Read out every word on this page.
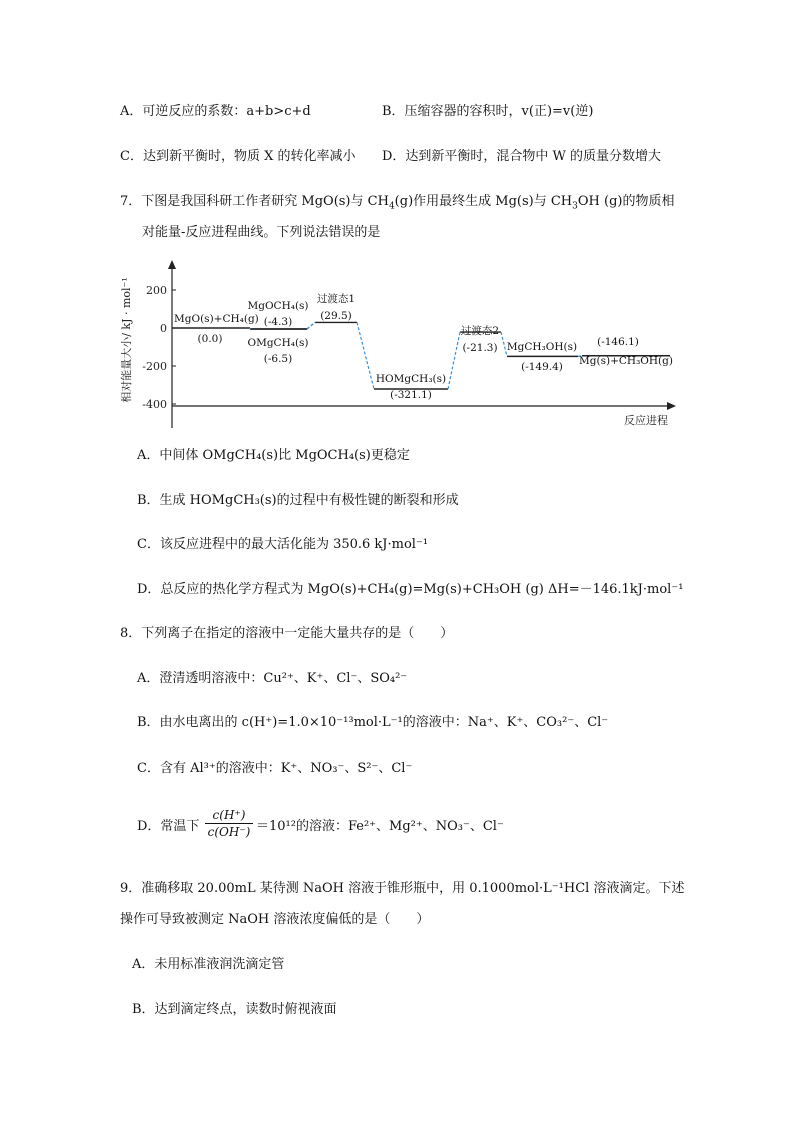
A．可逆反应的系数：a+b>c+d	B．压缩容器的容积时，v(正)=v(逆)
C．达到新平衡时，物质 X 的转化率减小 D．达到新平衡时，混合物中 W 的质量分数增大
7．下图是我国科研工作者研究 MgO(s)与 $CH_4(g)$作用最终生成 Mg(s)与 $CH_3OH$ (g)的物质相
对能量-反应进程曲线。下列说法错误的是
200
0
-200
-400
MgO(s)+CH₄(g)
(0.0)
MgOCH₄(s)
(-4.3)
OMgCH₄(s)
(-6.5)
过渡态1
(29.5)
HOMgCH₃(s)
(-321.1)
过渡态2
(-21.3) MgCH₃OH(s)
(-149.4) Mg(s)+CH₃OH(g)
(-146.1)
相对能量大小/ kJ · mol⁻¹
反应进程
A．中间体 OMgCH₄(s)比 MgOCH₄(s)更稳定
B．生成 HOMgCH₃(s)的过程中有极性键的断裂和形成
C．该反应进程中的最大活化能为 350.6 kJ·mol⁻¹
D．总反应的热化学方程式为 MgO(s)+CH₄(g)=Mg(s)+CH₃OH (g) ΔH=－146.1kJ·mol⁻¹
8．下列离子在指定的溶液中一定能大量共存的是（　　）
A．澄清透明溶液中：Cu²⁺、K⁺、Cl⁻、SO₄²⁻
B．由水电离出的 c(H⁺)=1.0×10⁻¹³mol·L⁻¹的溶液中：Na⁺、K⁺、CO₃²⁻、Cl⁻
C．含有 Al³⁺的溶液中：K⁺、NO₃⁻、S²⁻、Cl⁻
D．常温下 $\frac{c(H^+)}{c(OH^-)} =10^{12}$的溶液：Fe²⁺、Mg²⁺、NO₃⁻、Cl⁻
9．准确移取 20.00mL 某待测 NaOH 溶液于锥形瓶中，用 0.1000mol·L⁻¹HCl 溶液滴定。下述
操作可导致被测定 NaOH 溶液浓度偏低的是（　　）
A．未用标准液润洗滴定管
B．达到滴定终点，读数时俯视液面
